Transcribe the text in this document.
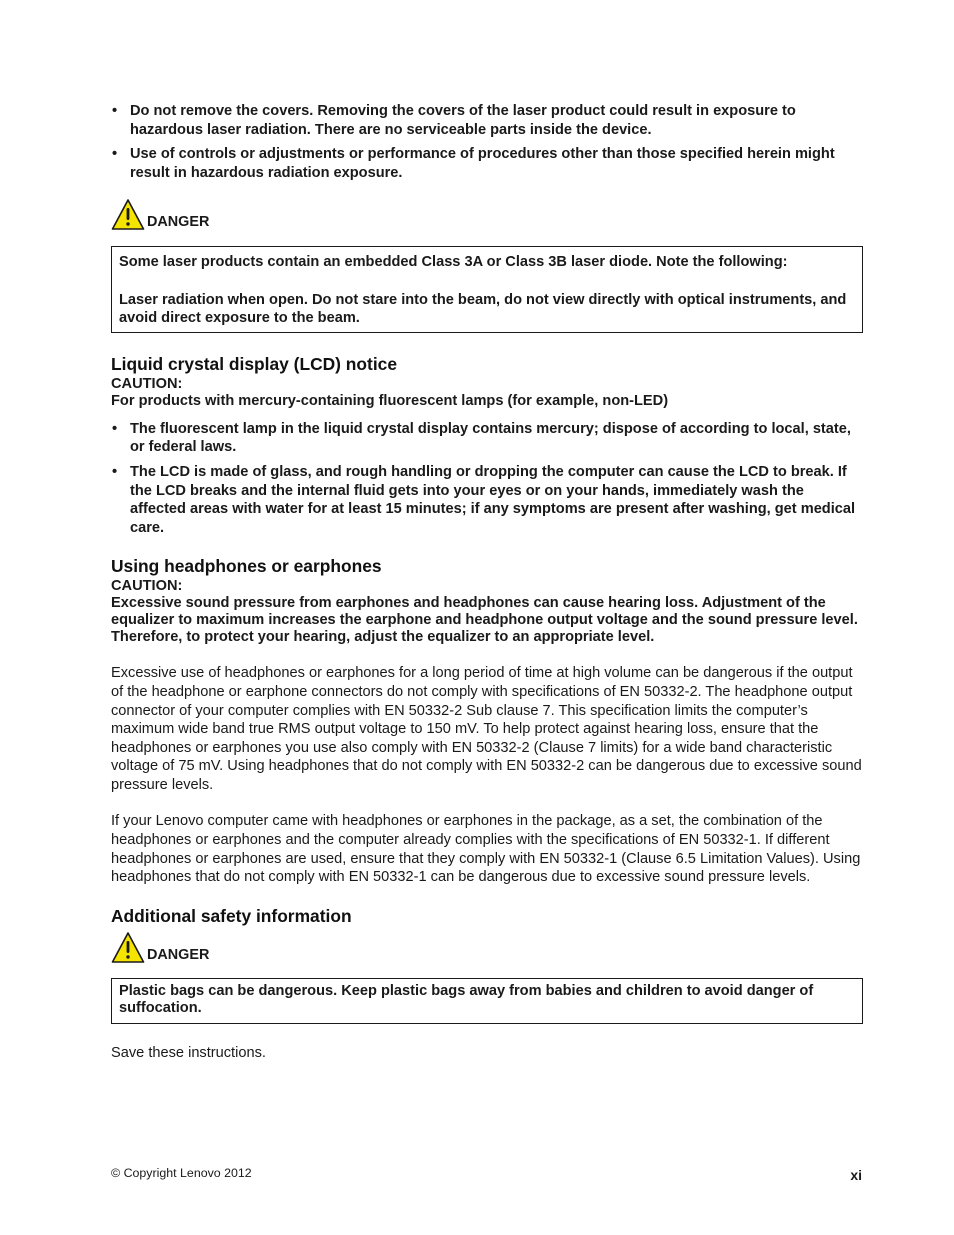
• Do not remove the covers. Removing the covers of the laser product could result in exposure to hazardous laser radiation. There are no serviceable parts inside the device.
• Use of controls or adjustments or performance of procedures other than those specified herein might result in hazardous radiation exposure.
DANGER

Some laser products contain an embedded Class 3A or Class 3B laser diode. Note the following:

Laser radiation when open. Do not stare into the beam, do not view directly with optical instruments, and avoid direct exposure to the beam.

Liquid crystal display (LCD) notice
CAUTION:
For products with mercury-containing fluorescent lamps (for example, non-LED)
• The fluorescent lamp in the liquid crystal display contains mercury; dispose of according to local, state, or federal laws.
• The LCD is made of glass, and rough handling or dropping the computer can cause the LCD to break. If the LCD breaks and the internal fluid gets into your eyes or on your hands, immediately wash the affected areas with water for at least 15 minutes; if any symptoms are present after washing, get medical care.
Using headphones or earphones
CAUTION:
Excessive sound pressure from earphones and headphones can cause hearing loss. Adjustment of the equalizer to maximum increases the earphone and headphone output voltage and the sound pressure level. Therefore, to protect your hearing, adjust the equalizer to an appropriate level.

Excessive use of headphones or earphones for a long period of time at high volume can be dangerous if the output of the headphone or earphone connectors do not comply with specifications of EN 50332-2. The headphone output connector of your computer complies with EN 50332-2 Sub clause 7. This specification limits the computer’s maximum wide band true RMS output voltage to 150 mV. To help protect against hearing loss, ensure that the headphones or earphones you use also comply with EN 50332-2 (Clause 7 limits) for a wide band characteristic voltage of 75 mV. Using headphones that do not comply with EN 50332-2 can be dangerous due to excessive sound pressure levels.

If your Lenovo computer came with headphones or earphones in the package, as a set, the combination of the headphones or earphones and the computer already complies with the specifications of EN 50332-1. If different headphones or earphones are used, ensure that they comply with EN 50332-1 (Clause 6.5 Limitation Values). Using headphones that do not comply with EN 50332-1 can be dangerous due to excessive sound pressure levels.

Additional safety information
DANGER

Plastic bags can be dangerous. Keep plastic bags away from babies and children to avoid danger of suffocation.

Save these instructions.

© Copyright Lenovo 2012	xi
